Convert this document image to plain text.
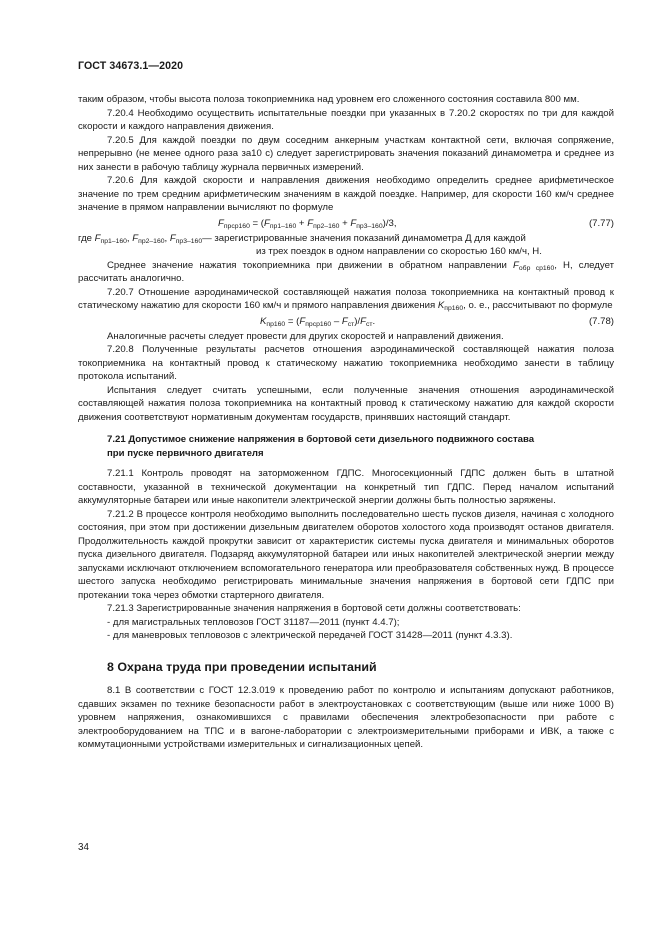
ГОСТ 34673.1—2020

таким образом, чтобы высота полоза токоприемника над уровнем его сложенного состояния составила 800 мм.

7.20.4 Необходимо осуществить испытательные поездки при указанных в 7.20.2 скоростях по три для каждой скорости и каждого направления движения.

7.20.5 Для каждой поездки по двум соседним анкерным участкам контактной сети, включая сопряжение, непрерывно (не менее одного раза за10 с) следует зарегистрировать значения показаний динамометра и среднее из них занести в рабочую таблицу журнала первичных измерений.

7.20.6 Для каждой скорости и направления движения необходимо определить среднее арифметическое значение по трем средним арифметическим значениям в каждой поездке. Например, для скорости 160 км/ч среднее значение в прямом направлении вычисляют по формуле

$F_{прср160} = (F_{пр1-160} + F_{пр2-160} + F_{пр3-160})/3$,	(7.77)
где $F_{пр1-160}$, $F_{пр2-160}$, $F_{пр3-160}$ — зарегистрированные значения показаний динамометра Д для каждой

из трех поездок в одном направлении со скоростью 160 км/ч, Н.

Среднее значение нажатия токоприемника при движении в обратном направлении $F_{обр ср160}$, Н, следует рассчитать аналогично.

7.20.7 Отношение аэродинамической составляющей нажатия полоза токоприемника на контактный провод к статическому нажатию для скорости 160 км/ч и прямого направления движения $K_{пр160}$, о. е., рассчитывают по формуле

$K_{пр160} = (F_{прср160} - F_{ст})/F_{ст}$.	(7.78)

Аналогичные расчеты следует провести для других скоростей и направлений движения.

7.20.8 Полученные результаты расчетов отношения аэродинамической составляющей нажатия полоза токоприемника на контактный провод к статическому нажатию токоприемника необходимо занести в таблицу протокола испытаний.

Испытания следует считать успешными, если полученные значения отношения аэродинамической составляющей нажатия полоза токоприемника на контактный провод к статическому нажатию для каждой скорости движения соответствуют нормативным документам государств, принявших настоящий стандарт.

7.21 Допустимое снижение напряжения в бортовой сети дизельного подвижного состава

при пуске первичного двигателя

7.21.1 Контроль проводят на заторможенном ГДПС. Многосекционный ГДПС должен быть в штатной составности, указанной в технической документации на конкретный тип ГДПС. Перед началом испытаний аккумуляторные батареи или иные накопители электрической энергии должны быть полностью заряжены.

7.21.2 В процессе контроля необходимо выполнить последовательно шесть пусков дизеля, начиная с холодного состояния, при этом при достижении дизельным двигателем оборотов холостого хода производят останов двигателя. Продолжительность каждой прокрутки зависит от характеристик системы пуска двигателя и минимальных оборотов пуска дизельного двигателя. Подзаряд аккумуляторной батареи или иных накопителей электрической энергии между запусками исключают отключением вспомогательного генератора или преобразователя собственных нужд. В процессе шестого запуска необходимо регистрировать минимальные значения напряжения в бортовой сети ГДПС при протекании тока через обмотки стартерного двигателя.

7.21.3 Зарегистрированные значения напряжения в бортовой сети должны соответствовать:

- для магистральных тепловозов ГОСТ 31187—2011 (пункт 4.4.7);

- для маневровых тепловозов с электрической передачей ГОСТ 31428—2011 (пункт 4.3.3).

8 Охрана труда при проведении испытаний

8.1 В соответствии с ГОСТ 12.3.019 к проведению работ по контролю и испытаниям допускают работников, сдавших экзамен по технике безопасности работ в электроустановках с соответствующим (выше или ниже 1000 В) уровнем напряжения, ознакомившихся с правилами обеспечения электробезопасности при работе с электрооборудованием на ТПС и в вагоне-лаборатории с электроизмерительными приборами и ИВК, а также с коммутационными устройствами измерительных и сигнализационных цепей.

34
